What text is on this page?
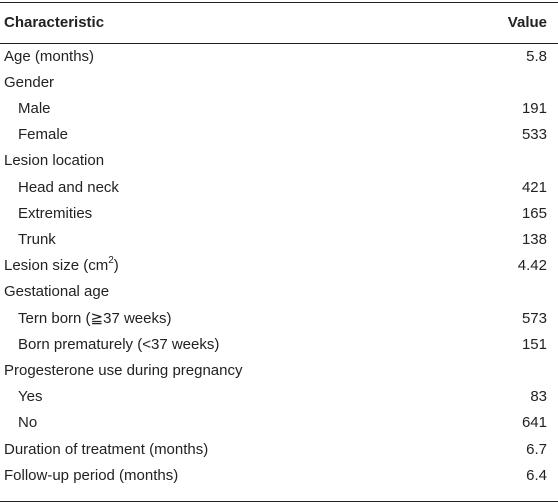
Characteristic	Value
Age (months)	5.8
Gender
Male	191
Female	533
Lesion location
Head and neck	421
Extremities	165
Trunk	138
Lesion size $(cm^2)$	4.42
Gestational age
Tern born (≧37 weeks)	573
Born prematurely (<37 weeks)	151
Progesterone use during pregnancy
Yes	83
No	641
Duration of treatment (months)	6.7
Follow-up period (months)	6.4
